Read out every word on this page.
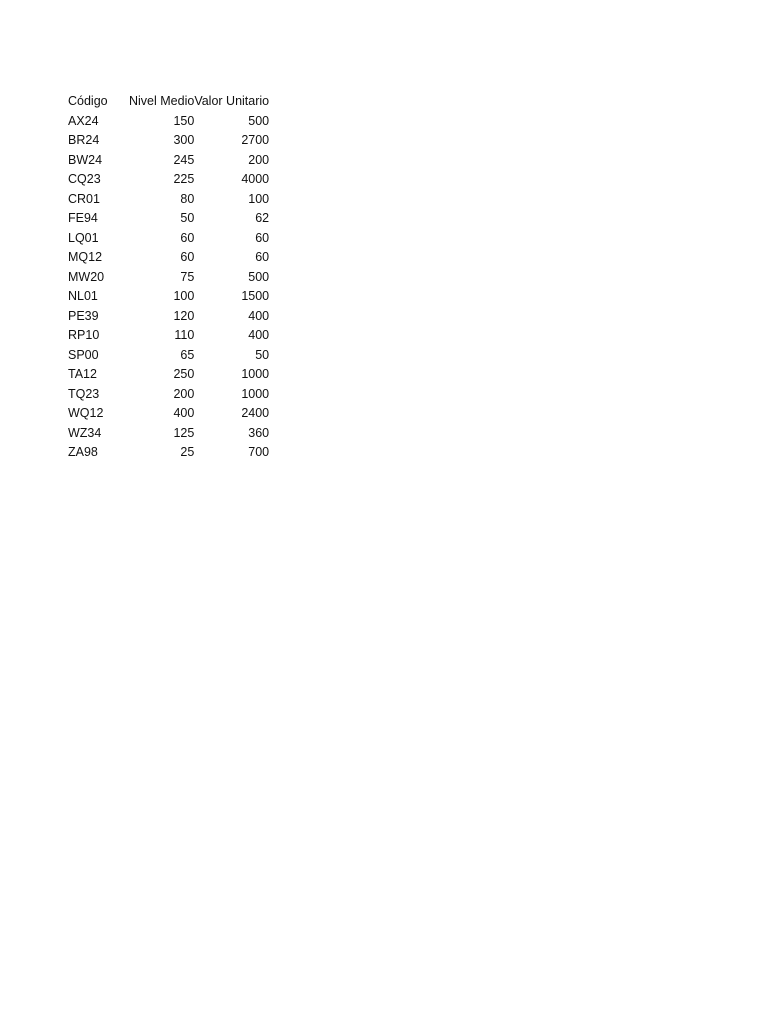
Código	Nivel Medio	Valor Unitario
AX24	150	500
BR24	300	2700
BW24	245	200
CQ23	225	4000
CR01	80	100
FE94	50	62
LQ01	60	60
MQ12	60	60
MW20	75	500
NL01	100	1500
PE39	120	400
RP10	110	400
SP00	65	50
TA12	250	1000
TQ23	200	1000
WQ12	400	2400
WZ34	125	360
ZA98	25	700
